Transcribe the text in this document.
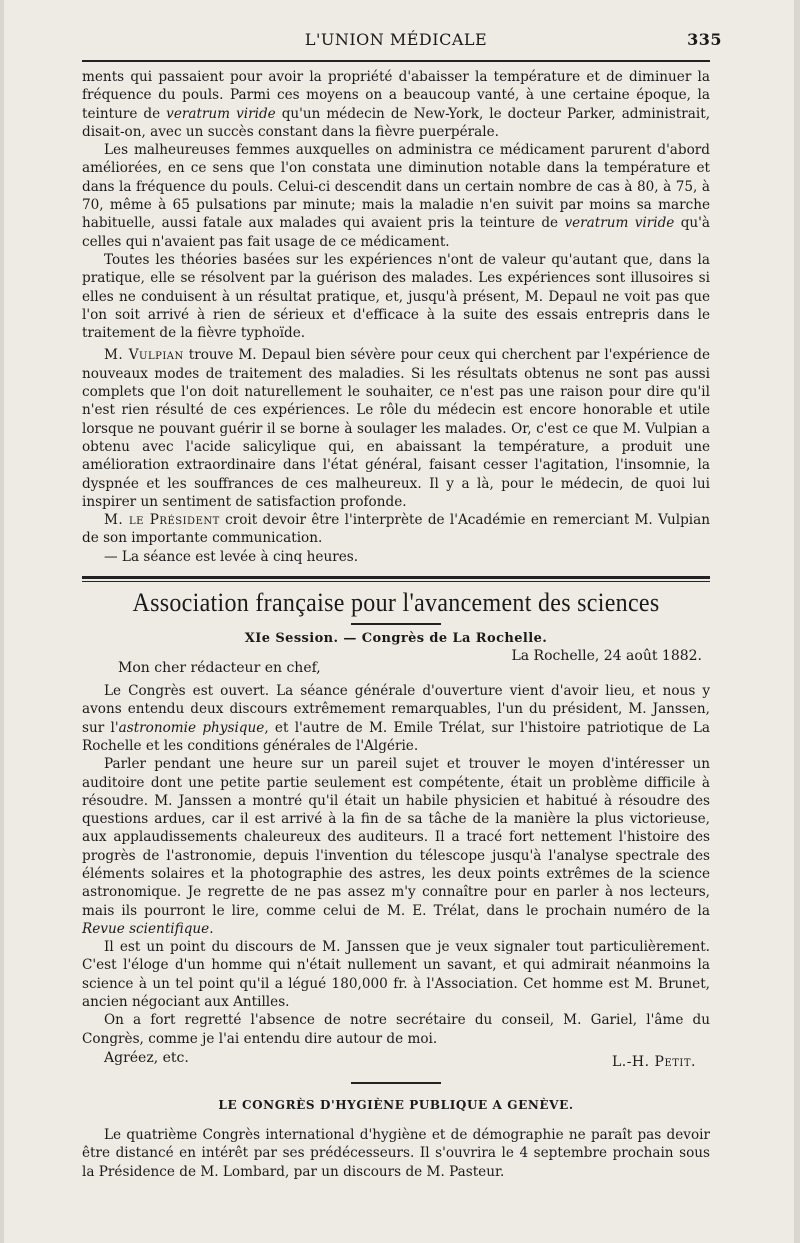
L'UNION MÉDICALE	335

ments qui passaient pour avoir la propriété d'abaisser la température et de diminuer la fréquence du pouls. Parmi ces moyens on a beaucoup vanté, à une certaine époque, la teinture de veratrum viride qu'un médecin de New-York, le docteur Parker, administrait, disait-on, avec un succès constant dans la fièvre puerpérale.

Les malheureuses femmes auxquelles on administra ce médicament parurent d'abord améliorées, en ce sens que l'on constata une diminution notable dans la température et dans la fréquence du pouls. Celui-ci descendit dans un certain nombre de cas à 80, à 75, à 70, même à 65 pulsations par minute; mais la maladie n'en suivit par moins sa marche habituelle, aussi fatale aux malades qui avaient pris la teinture de veratrum viride qu'à celles qui n'avaient pas fait usage de ce médicament.

Toutes les théories basées sur les expériences n'ont de valeur qu'autant que, dans la pratique, elle se résolvent par la guérison des malades. Les expériences sont illusoires si elles ne conduisent à un résultat pratique, et, jusqu'à présent, M. Depaul ne voit pas que l'on soit arrivé à rien de sérieux et d'efficace à la suite des essais entrepris dans le traitement de la fièvre typhoïde.

M. Vulpian trouve M. Depaul bien sévère pour ceux qui cherchent par l'expérience de nouveaux modes de traitement des maladies. Si les résultats obtenus ne sont pas aussi complets que l'on doit naturellement le souhaiter, ce n'est pas une raison pour dire qu'il n'est rien résulté de ces expériences. Le rôle du médecin est encore honorable et utile lorsque ne pouvant guérir il se borne à soulager les malades. Or, c'est ce que M. Vulpian a obtenu avec l'acide salicylique qui, en abaissant la température, a produit une amélioration extraordinaire dans l'état général, faisant cesser l'agitation, l'insomnie, la dyspnée et les souffrances de ces malheureux. Il y a là, pour le médecin, de quoi lui inspirer un sentiment de satisfaction profonde.

M. le Président croit devoir être l'interprète de l'Académie en remerciant M. Vulpian de son importante communication.

— La séance est levée à cinq heures.

Association française pour l'avancement des sciences
XIe Session. — Congrès de La Rochelle.
La Rochelle, 24 août 1882.
Mon cher rédacteur en chef,

Le Congrès est ouvert. La séance générale d'ouverture vient d'avoir lieu, et nous y avons entendu deux discours extrêmement remarquables, l'un du président, M. Janssen, sur l'astronomie physique, et l'autre de M. Emile Trélat, sur l'histoire patriotique de La Rochelle et les conditions générales de l'Algérie.

Parler pendant une heure sur un pareil sujet et trouver le moyen d'intéresser un auditoire dont une petite partie seulement est compétente, était un problème difficile à résoudre. M. Janssen a montré qu'il était un habile physicien et habitué à résoudre des questions ardues, car il est arrivé à la fin de sa tâche de la manière la plus victorieuse, aux applaudissements chaleureux des auditeurs. Il a tracé fort nettement l'histoire des progrès de l'astronomie, depuis l'invention du télescope jusqu'à l'analyse spectrale des éléments solaires et la photographie des astres, les deux points extrêmes de la science astronomique. Je regrette de ne pas assez m'y connaître pour en parler à nos lecteurs, mais ils pourront le lire, comme celui de M. E. Trélat, dans le prochain numéro de la Revue scientifique.

Il est un point du discours de M. Janssen que je veux signaler tout particulièrement. C'est l'éloge d'un homme qui n'était nullement un savant, et qui admirait néanmoins la science à un tel point qu'il a légué 180,000 fr. à l'Association. Cet homme est M. Brunet, ancien négociant aux Antilles.

On a fort regretté l'absence de notre secrétaire du conseil, M. Gariel, l'âme du Congrès, comme je l'ai entendu dire autour de moi.

Agréez, etc.	L.-H. Petit.
LE CONGRÈS D'HYGIÈNE PUBLIQUE A GENÈVE.

Le quatrième Congrès international d'hygiène et de démographie ne paraît pas devoir être distancé en intérêt par ses prédécesseurs. Il s'ouvrira le 4 septembre prochain sous la Présidence de M. Lombard, par un discours de M. Pasteur.
